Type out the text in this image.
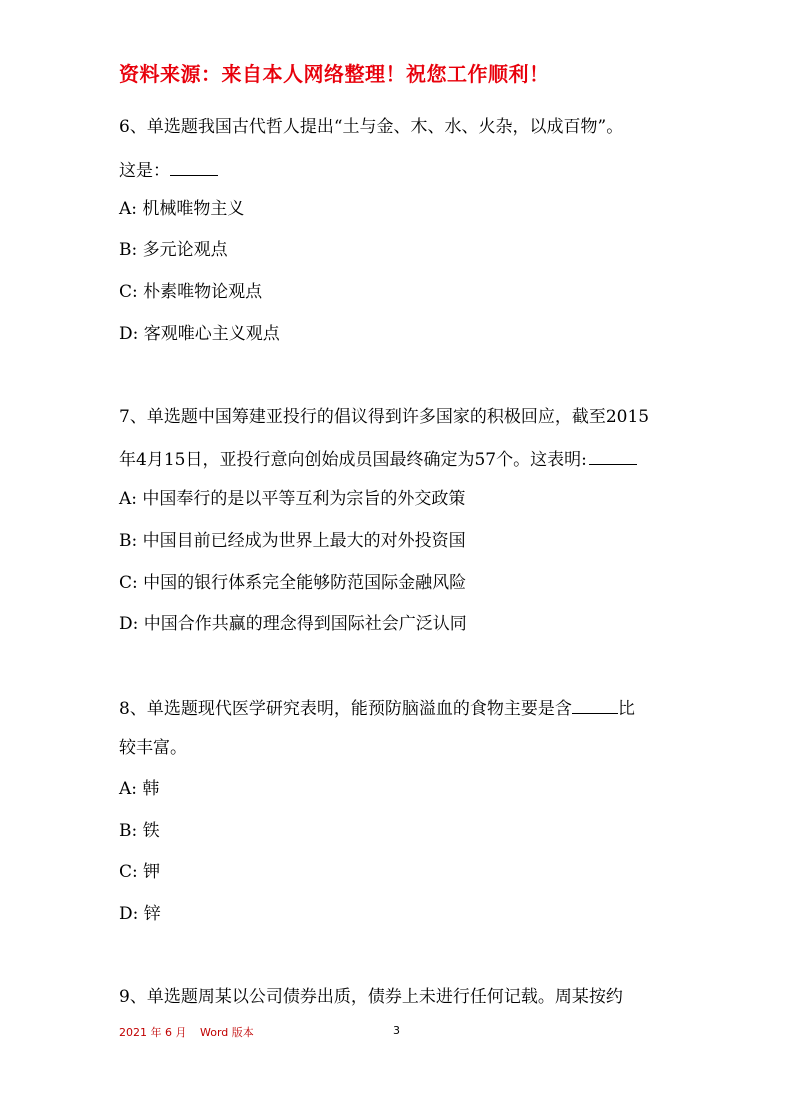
资料来源：来自本人网络整理！祝您工作顺利！
6、单选题我国古代哲人提出“土与金、木、水、火杂，以成百物”。
这是：
A: 机械唯物主义
B: 多元论观点
C: 朴素唯物论观点
D: 客观唯心主义观点
7、单选题中国筹建亚投行的倡议得到许多国家的积极回应，截至2015
年4月15日，亚投行意向创始成员国最终确定为57个。这表明:
A: 中国奉行的是以平等互利为宗旨的外交政策
B: 中国目前已经成为世界上最大的对外投资国
C: 中国的银行体系完全能够防范国际金融风险
D: 中国合作共赢的理念得到国际社会广泛认同
8、单选题现代医学研究表明，能预防脑溢血的食物主要是含	比
较丰富。
A: 韩
B: 铁
C: 钾
D: 锌
9、单选题周某以公司债券出质，债券上未进行任何记载。周某按约
2021 年 6 月 Word 版本	3
